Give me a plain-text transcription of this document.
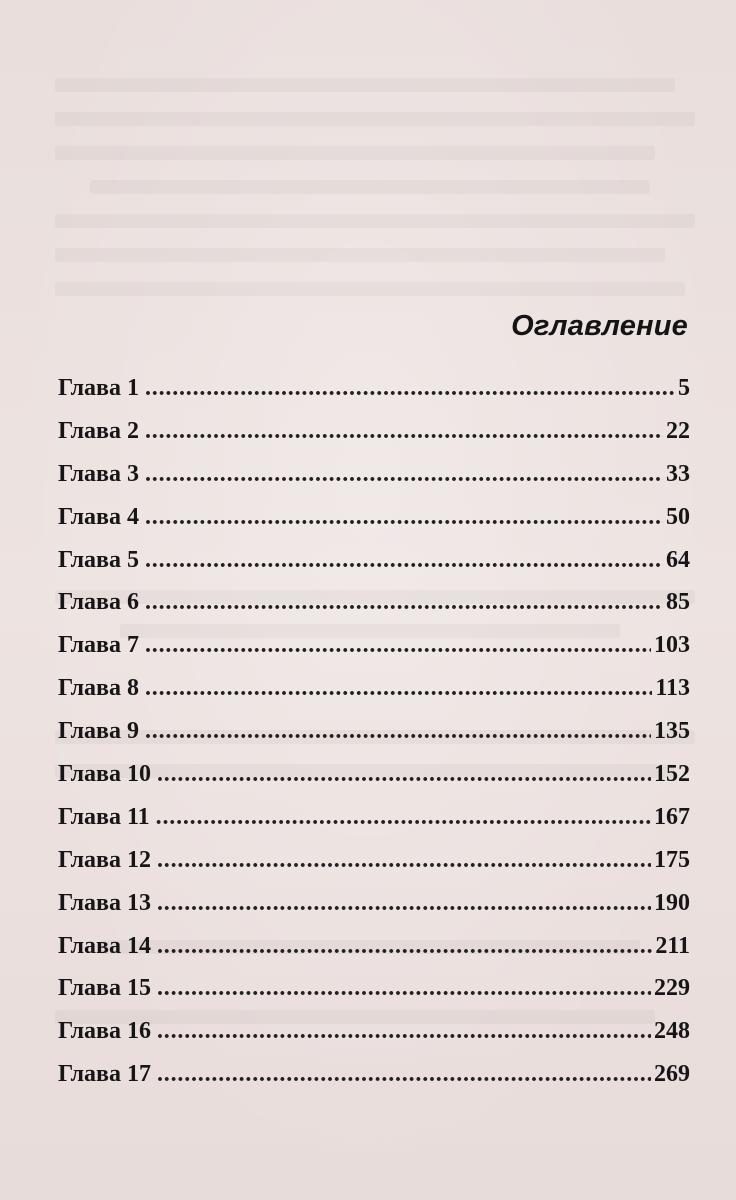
Оглавление
Глава 1 . . .	5
Глава 2 . . .	22
Глава 3 . . .	33
Глава 4 . . .	50
Глава 5 . . .	64
Глава 6 . . .	85
Глава 7 . . .	103
Глава 8 . . .	113
Глава 9 . . .	135
Глава 10 . . .	152
Глава 11 . . .	167
Глава 12 . . .	175
Глава 13 . . .	190
Глава 14 . . .	211
Глава 15 . . .	229
Глава 16 . . .	248
Глава 17 . . .	269
